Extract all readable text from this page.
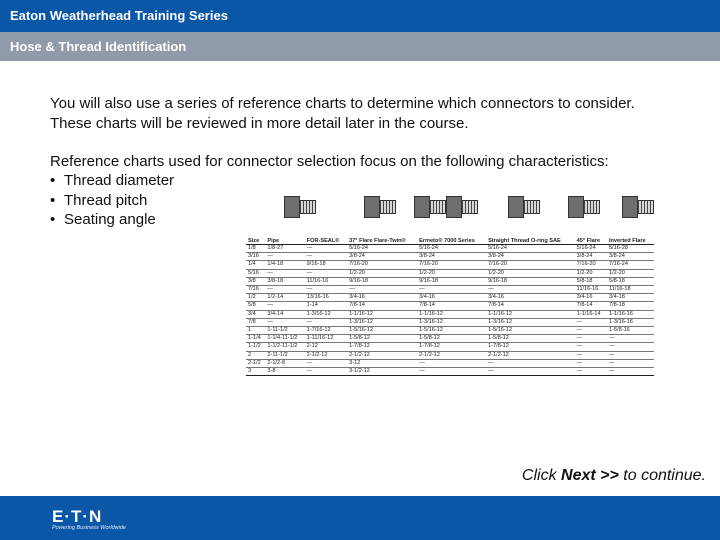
Eaton Weatherhead Training Series
Hose & Thread Identification
You will also use a series of reference charts to determine which connectors to consider. These charts will be reviewed in more detail later in the course.
Reference charts used for connector selection focus on the following characteristics:
• Thread diameter
• Thread pitch
• Seating angle
Size	Pipe	FOR-SEAL®	37° Flare Flare-Twin®	Ermeto® 7000 Series	Straight Thread O-ring SAE	45° Flare	Inverted Flare
1/8	1/8-27	—	5/16-24	5/16-24	5/16-24	5/16-24	5/16-28
3/16	—	—	3/8-24	3/8-24	3/8-24	3/8-24	3/8-24
1/4	1/4-18	9/16-18	7/16-20	7/16-20	7/16-20	7/16-20	7/16-24
5/16	—	—	1/2-20	1/2-20	1/2-20	1/2-20	1/2-20
3/8	3/8-18	11/16-16	9/16-18	9/16-18	9/16-18	5/8-18	5/8-18
7/16	—	—	—	—	—	11/16-16	11/16-18
1/2	1/2-14	13/16-16	3/4-16	3/4-16	3/4-16	3/4-16	3/4-18
5/8	—	1-14	7/8-14	7/8-14	7/8-14	7/8-14	7/8-18
3/4	3/4-14	1-3/16-12	1-1/16-12	1-1/16-12	1-1/16-12	1-1/16-14	1-1/16-16
7/8	—	—	1-3/16-12	1-3/16-12	1-3/16-12	—	1-3/16-16
1	1-11-1/2	1-7/16-12	1-5/16-12	1-5/16-12	1-5/16-12	—	1-5/8-16
1-1/4	1-1/4-11-1/2	1-11/16-12	1-5/8-12	1-5/8-12	1-5/8-12	—	—
1-1/2	1-1/2-11-1/2	2-12	1-7/8-12	1-7/8-12	1-7/8-12	—	—
2	2-11-1/2	2-1/2-12	2-1/2-12	2-1/2-12	2-1/2-12	—	—
2-1/2	2-1/2-8	—	3-12	—	—	—	—
3	3-8	—	3-1/2-12	—	—	—	—
Click Next >> to continue.
E·T·N
Powering Business Worldwide
